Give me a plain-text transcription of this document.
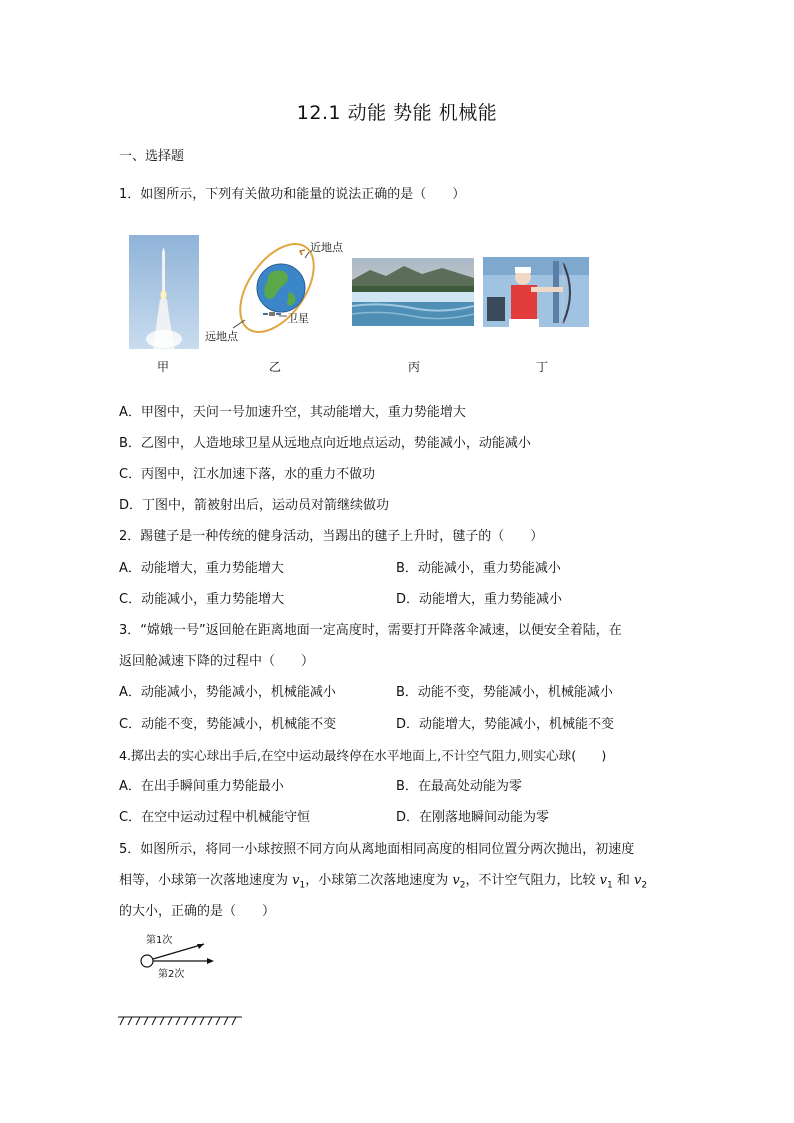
12.1 动能 势能 机械能
一、选择题
1．如图所示，下列有关做功和能量的说法正确的是（　　）
近地点
卫星
远地点
甲	乙	丙	丁
A．甲图中，天问一号加速升空，其动能增大，重力势能增大
B．乙图中，人造地球卫星从远地点向近地点运动，势能减小，动能减小
C．丙图中，江水加速下落，水的重力不做功
D．丁图中，箭被射出后，运动员对箭继续做功
2．踢毽子是一种传统的健身活动，当踢出的毽子上升时，毽子的（　　）
A．动能增大，重力势能增大	B．动能减小，重力势能减小
C．动能减小，重力势能增大	D．动能增大，重力势能减小
3．“嫦娥一号”返回舱在距离地面一定高度时，需要打开降落伞减速，以便安全着陆，在
返回舱减速下降的过程中（　　）
A．动能减小，势能减小，机械能减小	B．动能不变，势能减小，机械能减小
C．动能不变，势能减小，机械能不变	D．动能增大，势能减小，机械能不变
4.掷出去的实心球出手后,在空中运动最终停在水平地面上,不计空气阻力,则实心球(　　)
A．在出手瞬间重力势能最小	B．在最高处动能为零
C．在空中运动过程中机械能守恒	D．在刚落地瞬间动能为零
5．如图所示，将同一小球按照不同方向从离地面相同高度的相同位置分两次抛出，初速度
相等，小球第一次落地速度为 $v_1$，小球第二次落地速度为 $v_2$，不计空气阻力，比较 $v_1$ 和 $v_2$
的大小，正确的是（　　）
第1次
第2次
